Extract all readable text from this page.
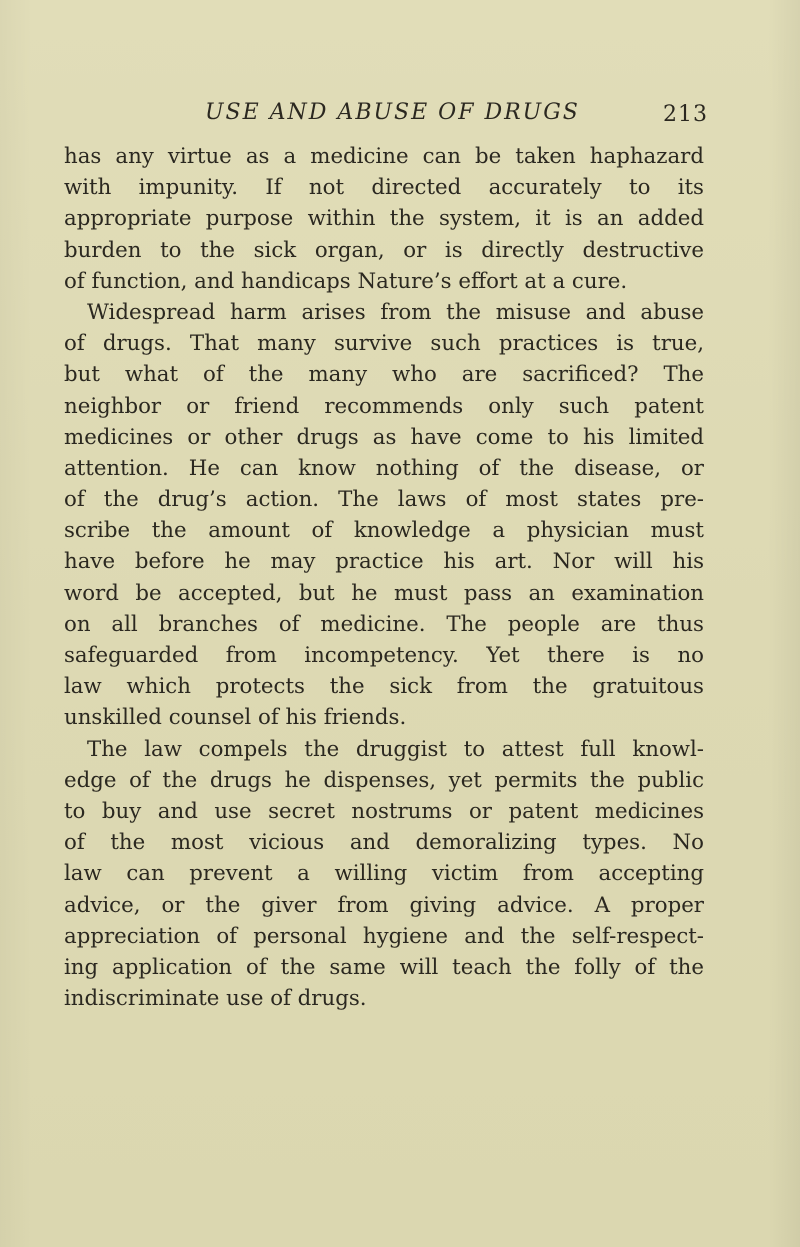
USE AND ABUSE OF DRUGS	213
has any virtue as a medicine can be taken haphazard
with impunity. If not directed accurately to its
appropriate purpose within the system, it is an added
burden to the sick organ, or is directly destructive
of function, and handicaps Nature’s effort at a cure.
Widespread harm arises from the misuse and abuse
of drugs. That many survive such practices is true,
but what of the many who are sacrificed? The
neighbor or friend recommends only such patent
medicines or other drugs as have come to his limited
attention. He can know nothing of the disease, or
of the drug’s action. The laws of most states pre-
scribe the amount of knowledge a physician must
have before he may practice his art. Nor will his
word be accepted, but he must pass an examination
on all branches of medicine. The people are thus
safeguarded from incompetency. Yet there is no
law which protects the sick from the gratuitous
unskilled counsel of his friends.
The law compels the druggist to attest full knowl-
edge of the drugs he dispenses, yet permits the public
to buy and use secret nostrums or patent medicines
of the most vicious and demoralizing types. No
law can prevent a willing victim from accepting
advice, or the giver from giving advice. A proper
appreciation of personal hygiene and the self-respect-
ing application of the same will teach the folly of the
indiscriminate use of drugs.
